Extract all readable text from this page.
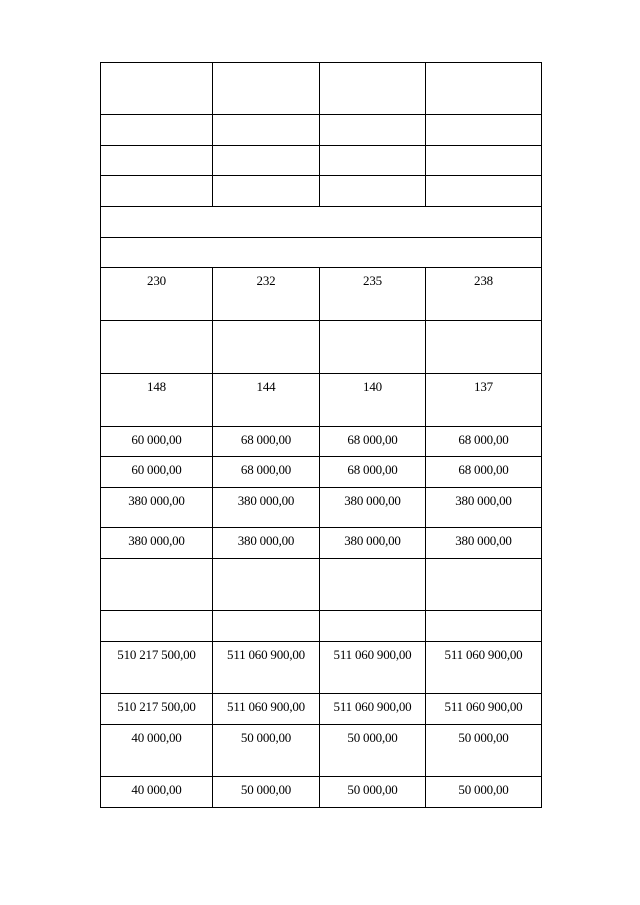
230	232	235	238

148	144	140	137

60 000,00	68 000,00	68 000,00	68 000,00

60 000,00	68 000,00	68 000,00	68 000,00

380 000,00	380 000,00	380 000,00	380 000,00

380 000,00	380 000,00	380 000,00	380 000,00

510 217 500,00	511 060 900,00	511 060 900,00	511 060 900,00

510 217 500,00	511 060 900,00	511 060 900,00	511 060 900,00

40 000,00	50 000,00	50 000,00	50 000,00

40 000,00	50 000,00	50 000,00	50 000,00
